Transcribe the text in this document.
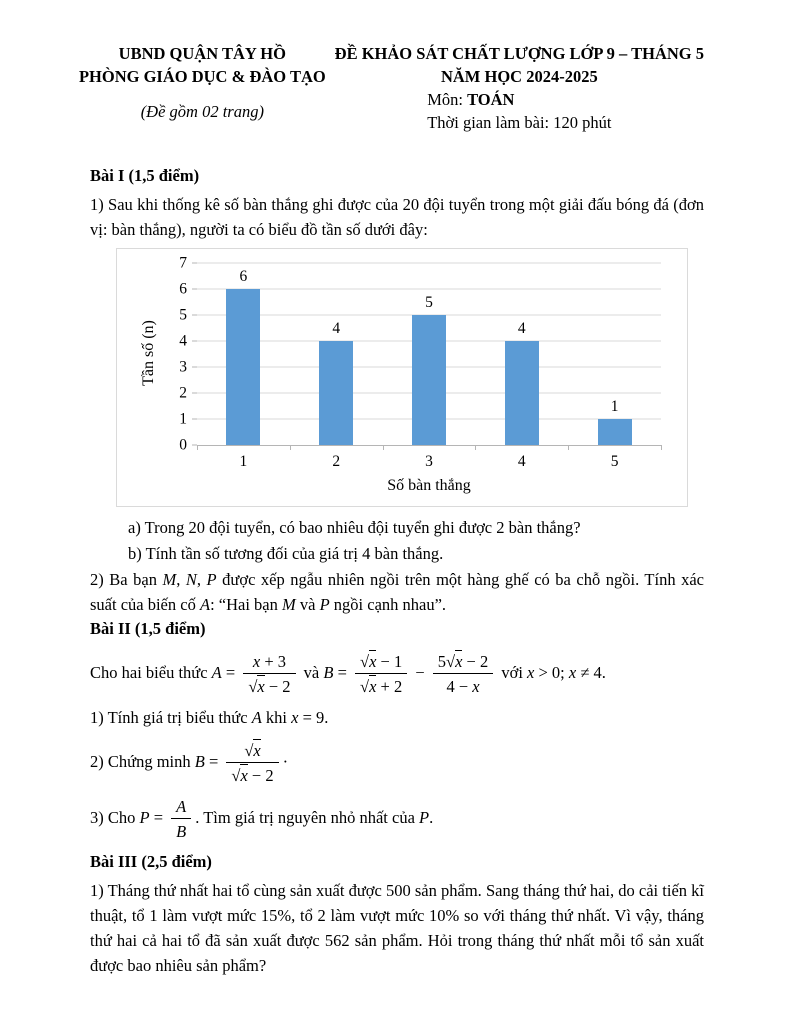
UBND QUẬN TÂY HỒ
PHÒNG GIÁO DỤC & ĐÀO TẠO
(Đề gồm 02 trang)
ĐỀ KHẢO SÁT CHẤT LƯỢNG LỚP 9 – THÁNG 5
NĂM HỌC 2024-2025
Môn: TOÁN
Thời gian làm bài: 120 phút
Bài I (1,5 điểm)

1) Sau khi thống kê số bàn thắng ghi được của 20 đội tuyển trong một giải đấu bóng đá (đơn vị: bàn thắng), người ta có biểu đồ tần số dưới đây:

Tần số (n)
0
1
2
3
4
5
6
7
6
1
4
2
5
3
4
4
1
5
Số bàn thắng

a) Trong 20 đội tuyển, có bao nhiêu đội tuyển ghi được 2 bàn thắng?

b) Tính tần số tương đối của giá trị 4 bàn thắng.

2) Ba bạn M, N, P được xếp ngẫu nhiên ngồi trên một hàng ghế có ba chỗ ngồi. Tính xác suất của biến cố A: “Hai bạn M và P ngồi cạnh nhau”.

Bài II (1,5 điểm)

Cho hai biểu thức $A = \frac{x + 3}{√x - 2}$ và $B = \frac{√x - 1}{√x + 2} - \frac{5√x - 2}{4 - x}$ với x > 0; x ≠ 4.

1) Tính giá trị biểu thức A khi x = 9.

2) Chứng minh $B = \frac{√x}{√x - 2}$ ·

3) Cho $P = \frac{A}{B}$ . Tìm giá trị nguyên nhỏ nhất của P.

Bài III (2,5 điểm)

1) Tháng thứ nhất hai tổ cùng sản xuất được 500 sản phẩm. Sang tháng thứ hai, do cải tiến kĩ thuật, tổ 1 làm vượt mức 15%, tổ 2 làm vượt mức 10% so với tháng thứ nhất. Vì vậy, tháng thứ hai cả hai tổ đã sản xuất được 562 sản phẩm. Hỏi trong tháng thứ nhất mỗi tổ sản xuất được bao nhiêu sản phẩm?
